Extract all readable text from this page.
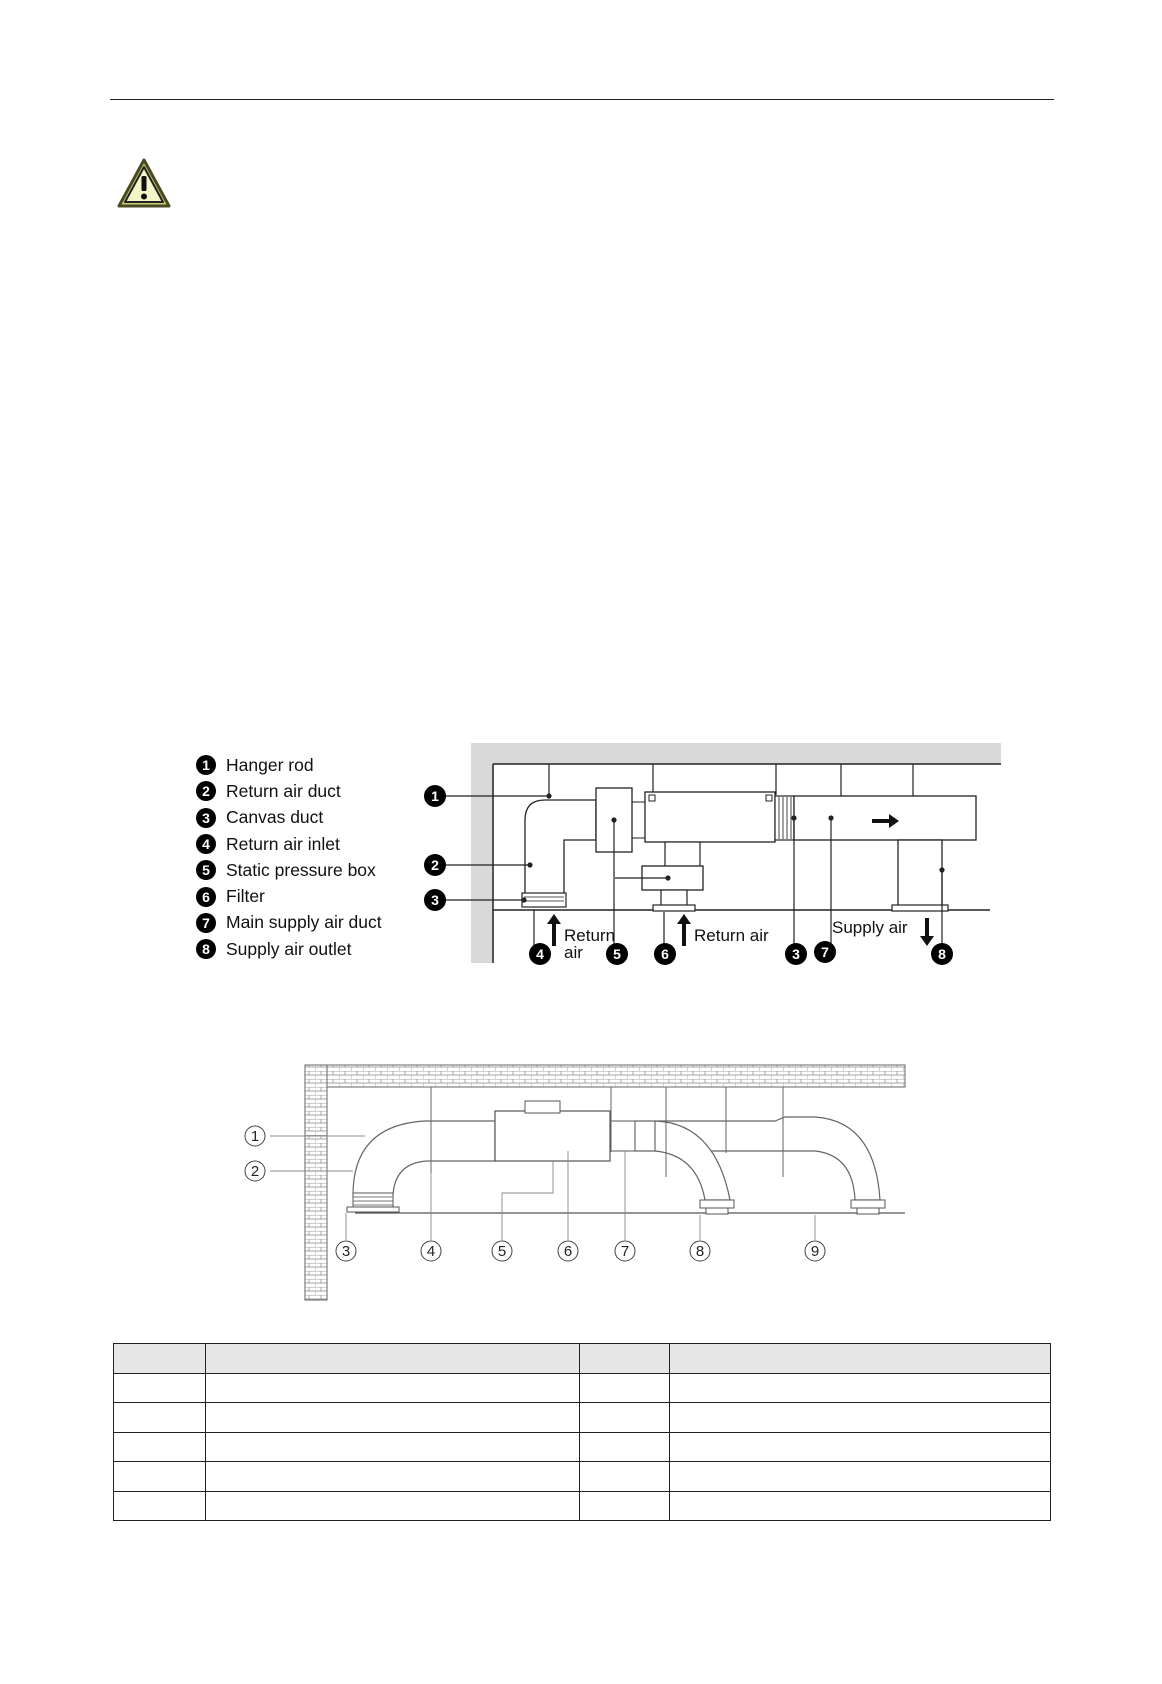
1 Hanger rod
2 Return air duct
3 Canvas duct
4 Return air inlet
5 Static pressure box
6 Filter
7 Main supply air duct
8 Supply air outlet
Return
air
Return air	Supply air
1
2
3
4	5	6	3 7	8
1
2
3	4	5	6	7	8	9
